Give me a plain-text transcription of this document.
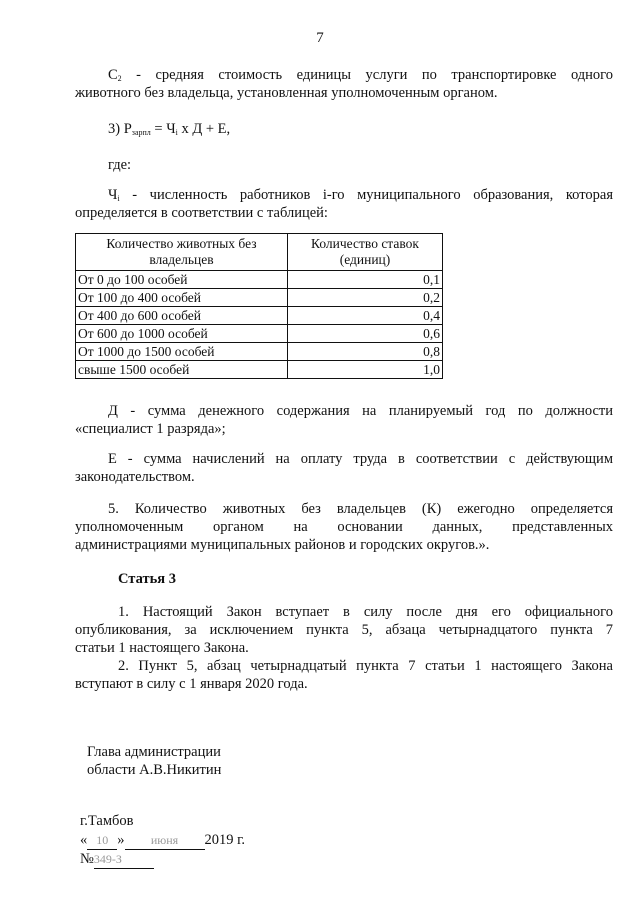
7
$С_2$ - средняя стоимость единицы услуги по транспортировке одного
животного без владельца, установленная уполномоченным органом.
3) $Р_{зарпл} = Ч_i$ х Д + Е,
где:
$Ч_i$ - численность работников i-го муниципального образования, которая
определяется в соответствии с таблицей:
Количество животных без владельцев	Количество ставок (единиц)
От 0 до 100 особей	0,1
От 100 до 400 особей	0,2
От 400 до 600 особей	0,4
От 600 до 1000 особей	0,6
От 1000 до 1500 особей	0,8
свыше 1500 особей	1,0
Д - сумма денежного содержания на планируемый год по должности
«специалист 1 разряда»;
Е - сумма начислений на оплату труда в соответствии с действующим
законодательством.
5. Количество животных без владельцев (К) ежегодно определяется
уполномоченным органом на основании данных, представленных
администрациями муниципальных районов и городских округов.».
Статья 3
1. Настоящий Закон вступает в силу после дня его официального
опубликования, за исключением пункта 5, абзаца четырнадцатого пункта 7
статьи 1 настоящего Закона.
2. Пункт 5, абзац четырнадцатый пункта 7 статьи 1 настоящего Закона
вступают в силу с 1 января 2020 года.
Глава администрации
области А.В.Никитин
г.Тамбов
« 10 » июня 2019 г.
№349-З
